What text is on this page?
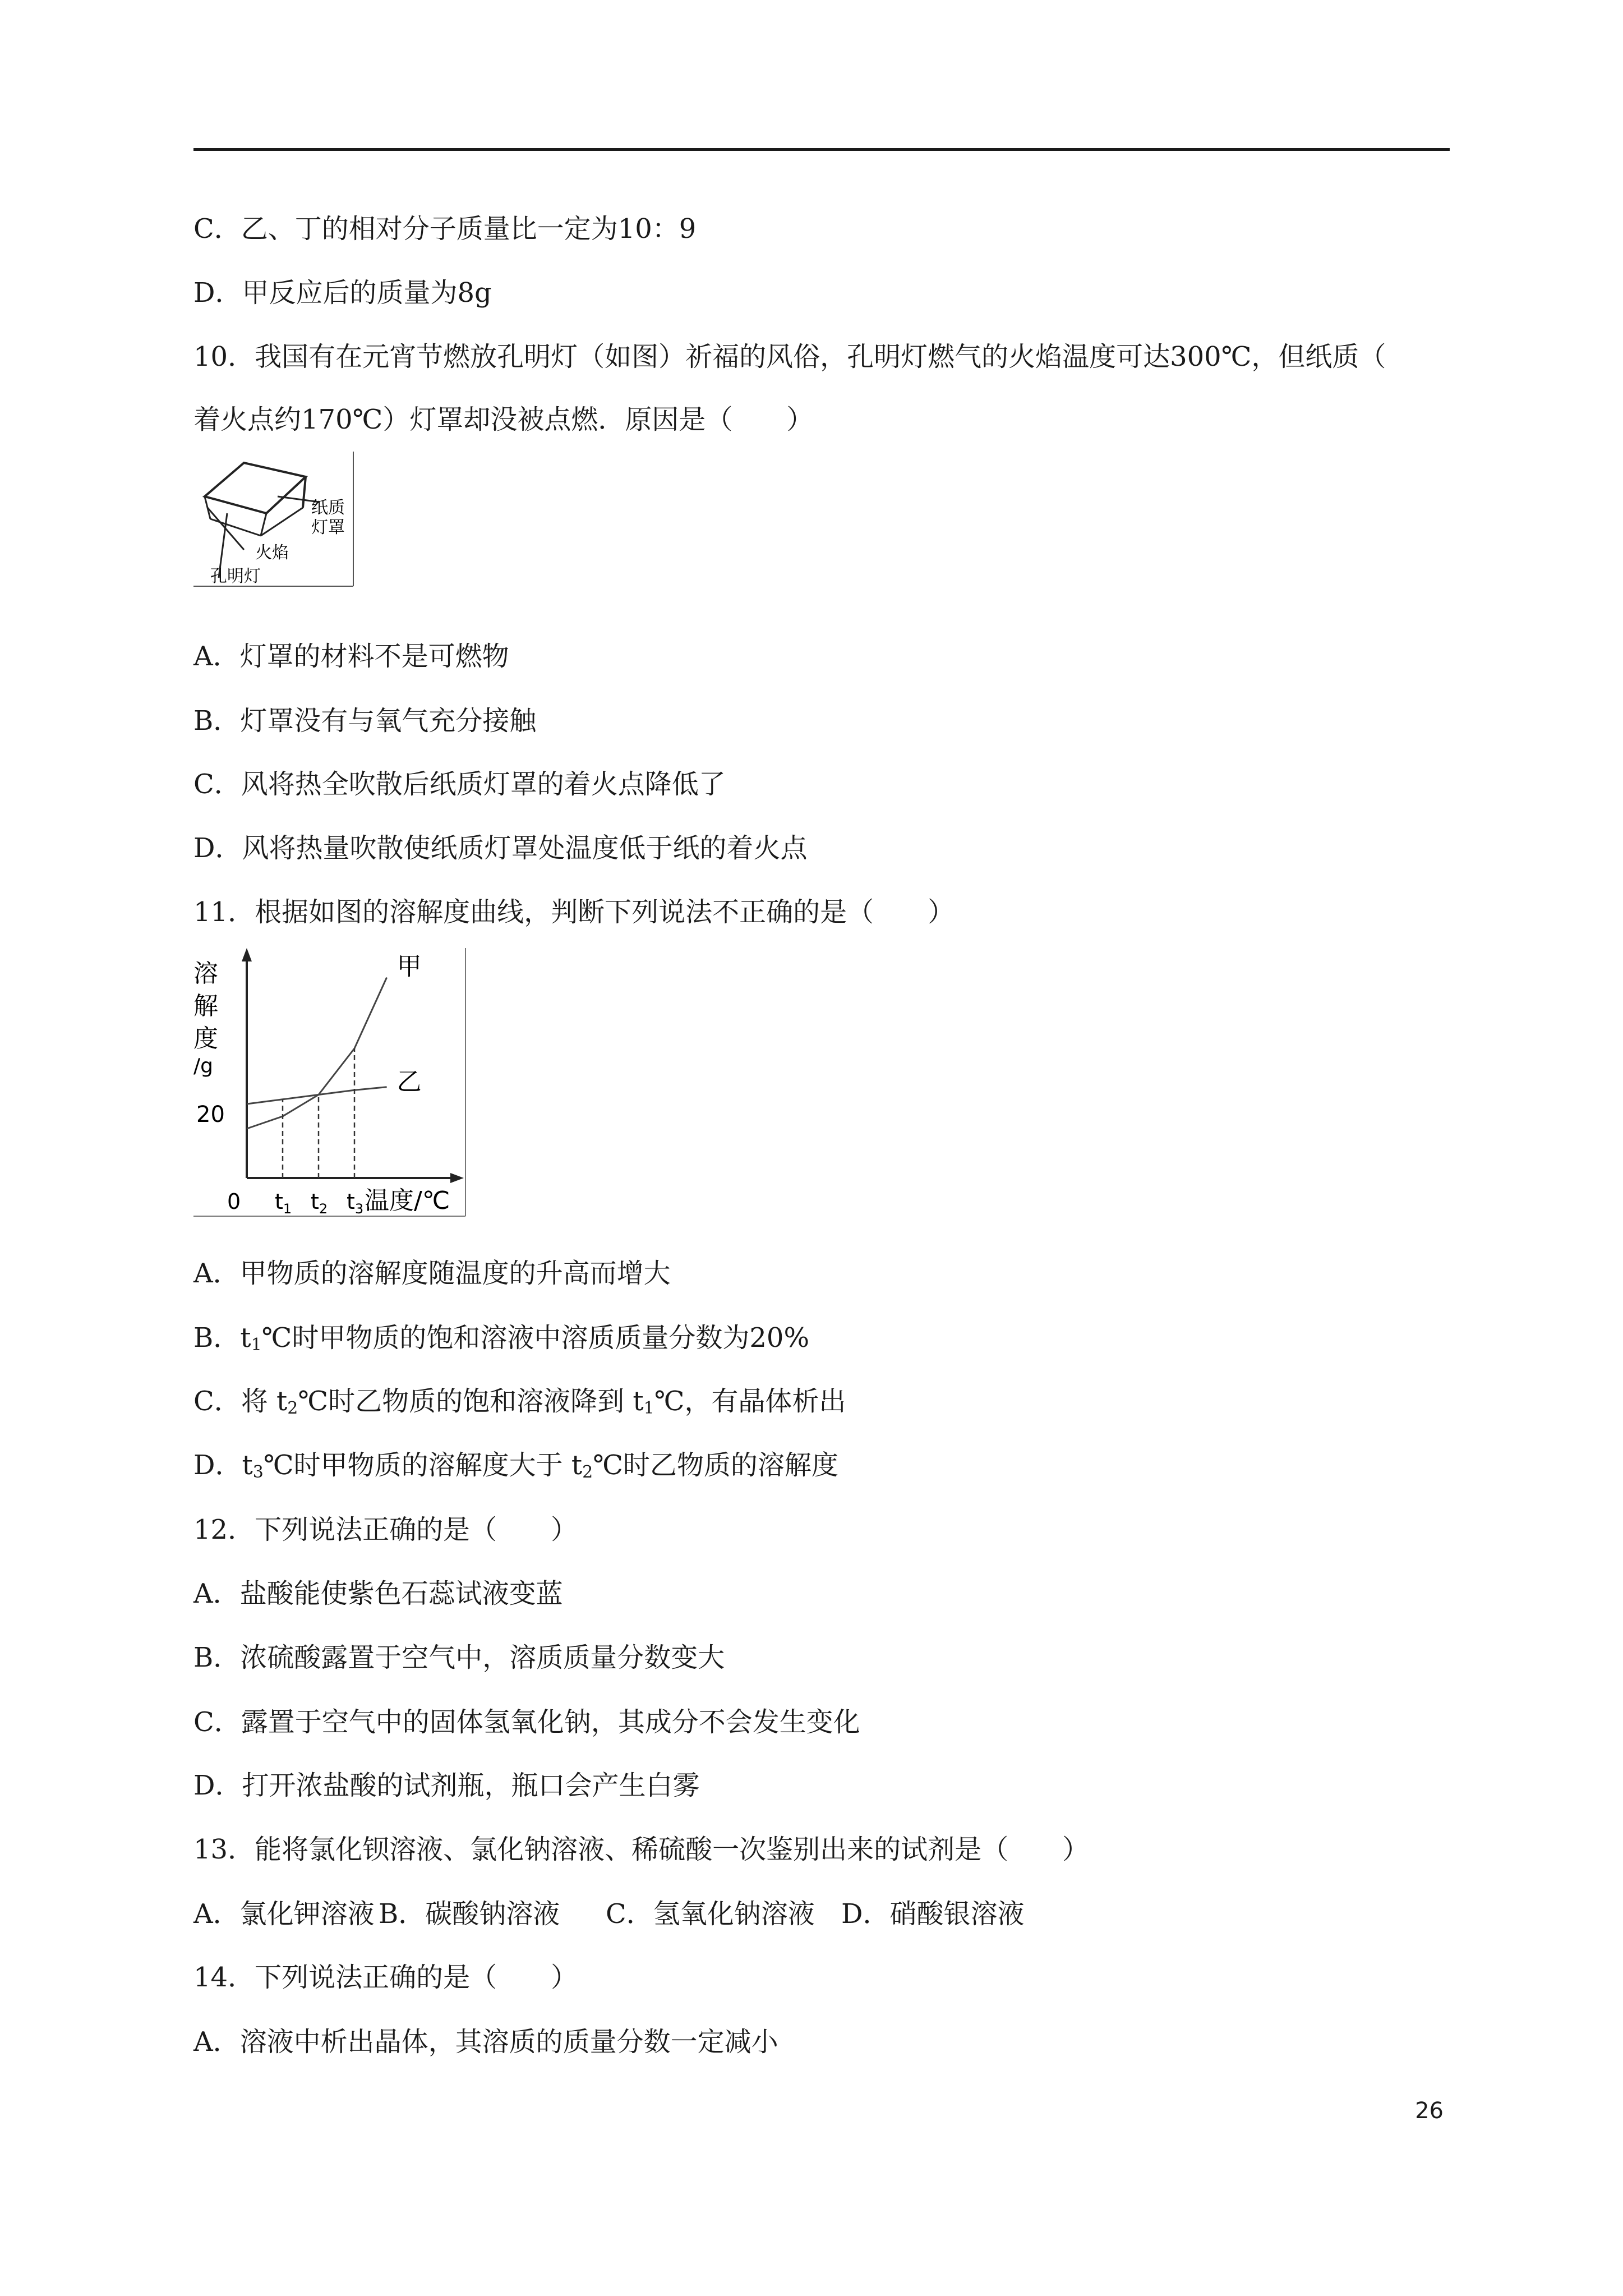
C．乙、丁的相对分子质量比一定为10：9
D．甲反应后的质量为8g
10．我国有在元宵节燃放孔明灯（如图）祈福的风俗，孔明灯燃气的火焰温度可达300℃，但纸质（
着火点约170℃）灯罩却没被点燃．原因是（　　）
纸质
灯罩
火焰
孔明灯
A．灯罩的材料不是可燃物
B．灯罩没有与氧气充分接触
C．风将热全吹散后纸质灯罩的着火点降低了
D．风将热量吹散使纸质灯罩处温度低于纸的着火点
11．根据如图的溶解度曲线，判断下列说法不正确的是（　　）
溶
解
度
/g
20
0 $t_1$ $t_2$ $t_3$ 温度/℃
甲
乙
A．甲物质的溶解度随温度的升高而增大
B．$t_1℃$时甲物质的饱和溶液中溶质质量分数为20%
C．将 $t_2℃$时乙物质的饱和溶液降到 $t_1℃$，有晶体析出
D．$t_3℃$时甲物质的溶解度大于 $t_2℃$时乙物质的溶解度
12．下列说法正确的是（　　）
A．盐酸能使紫色石蕊试液变蓝
B．浓硫酸露置于空气中，溶质质量分数变大
C．露置于空气中的固体氢氧化钠，其成分不会发生变化
D．打开浓盐酸的试剂瓶，瓶口会产生白雾
13．能将氯化钡溶液、氯化钠溶液、稀硫酸一次鉴别出来的试剂是（　　）
A．氯化钾溶液 B．碳酸钠溶液 C．氢氧化钠溶液 D．硝酸银溶液
14．下列说法正确的是（　　）
A．溶液中析出晶体，其溶质的质量分数一定减小
26
